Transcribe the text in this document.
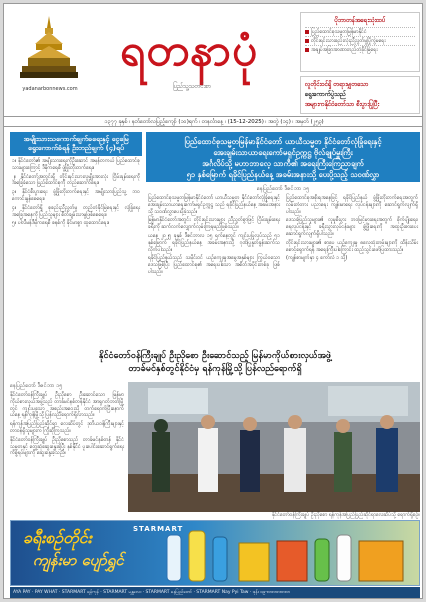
yadanarbonnews.com
ရတနာပုံ
ပြည်သူ့သတင်းစာ
ပိုဘာတန်အရေးသုံးထပ်
ပြည်ထောင်စုသမ္မတမြန်မာနိုင်ငံ
တိုင်းရင်းသားစည်းလုံးညီညွတ်မှုပြိုကွဲမရေး
အချုပ်အခြာအာဏာတည်တံ့ခိုင်မြဲရေး
လူတိုင်းဝင်ရှိ တရားမျှတသော
ရွေးကောက်ပွဲသည်
အများကနိုင်ငံတော်သာ စီးပွားပြုပြီး
၁၃၇၇ ခုနှစ် ၊ နတ်တော်လပြည့်ကျော် (၁၀)ရက် ၊ တနင်္လာနေ့ ၊ (15-12-2025) ၊ အတွဲ (၁၄) ၊ အမှတ် (၂၅၃)
အမျိုးသားသကောက်ချက်ခရေးနှင့် ငွေမြေရွေးကောက်ခံရန် ဦးတည်ချက် (၄)ရပ်

၁။ နိုင်ငံတော်၏ အမျိုးသားရေးကိုဦးဆောင် အမှန်တကယ် ပြည်ထောင်စုသားများကြောင့် ဒီမိုကရေစီ ဖွံ့ဖြိုးတိုးတက်ရေး။

၂။ နိုင်ငံတော်အတွင်းရှိ တိုင်းရင်းသားလူမျိုးအားလုံး ငြိမ်းချမ်းရေးကို အခြေခံသော ပြည်ထောင်စုကို တည်ဆောက်ရေး။

၃။ နိုင်ငံ့စီးပွားရေး ဖွံ့ဖြိုးတိုးတက်ရေးနှင့် အမျိုးသားပြည်သူ့ ဘဝ ကောင်းမွန်စေရေး။

၄။ နိုင်ငံတော်ရှိ စုစည်းညီညွတ်မှု တည်တံ့ခိုင်မြဲရေးနှင့် လုံခြုံရေး အခြေအနေကို ပြည်သူများ စိတ်ချမ်းသာမှုဖြစ်စေရေး။

၅။ ပါလီမန်ဒီမိုကရေစီ စနစ်ကို ခိုင်မာစွာ ထူထောင်ရေး။

ပြည်ထောင်စုသမ္မတမြန်မာနိုင်ငံတော် ယာယီသမ္မတ နိုင်ငံတော်လုံခြုံရေးနှင့်
အေးချမ်းသာယာရေးကော်မရှင်ဥက္ကဋ္ဌ ဗိုလ်ချုပ်မှူးကြီး
အင်္ဂလိပ်သို့ မဟာဘာလေ့ သာကီ၏ အရေးကြီးကြေညာချက်
၅၁ နှစ်မြောက် ရခိုင်ပြည်နယ်နေ့ အခမ်းအနားသို့ ပေးပို့သည့် သဝဏ်လွှာ
နေပြည်တော် ဒီဇင်ဘာ ၁၅

ပြည်ထောင်စုသမ္မတမြန်မာနိုင်ငံတော် ယာယီသမ္မတ နိုင်ငံတော်လုံခြုံရေးနှင့် အေးချမ်းသာယာရေးကော်မရှင်ဥက္ကဋ္ဌ သည် ရခိုင်ပြည်နယ်နေ့ အခမ်းအနားသို့ သဝဏ်လွှာပေးပို့ခဲ့သည်။

မြန်မာနိုင်ငံတော်အတွင်း တိုင်းရင်းသားများ ညီညွတ်စွာဖြင့် ငြိမ်းချမ်းရေးခရီးကို ဆက်လက်လျှောက်လှမ်းကြရမည်ဖြစ်သည်။

ယနေ့ ၂၀၂၅ ခုနှစ် ဒီဇင်ဘာလ ၁၅ ရက်နေ့တွင် ကျင်းပပြုလုပ်သည့် ၅၁ နှစ်မြောက် ရခိုင်ပြည်နယ်နေ့ အခမ်းအနားသို့ ဂုဏ်ပြုနှုတ်ခွန်းဆက်သလိုက်ပါသည်။

ရခိုင်ပြည်နယ်သည် သမိုင်းဝင် ယဉ်ကျေးမှုအမွေအနှစ်များ ကြွယ်ဝသော ဒေသဖြစ်ပြီး ပြည်ထောင်စု၏ အရေးပါသော အစိတ်အပိုင်းတစ်ခု ဖြစ်ပါသည်။

ပြည်ထောင်စုအစိုးရအနေဖြင့် ရခိုင်ပြည်နယ် ဖွံ့ဖြိုးတိုးတက်ရေးအတွက် လမ်းတံတား ပညာရေး ကျန်းမာရေး လုပ်ငန်းများကို ဆောင်ရွက်လျက်ရှိပါသည်။

ဒေသခံပြည်သူများ၏ လူမှုစီးပွား ဘဝမြင့်မားရေးအတွက် စိုက်ပျိုးရေး၊ ရေလုပ်ငန်းနှင့် ခရီးသွားလုပ်ငန်းများ ဖွံ့ဖြိုးရေးကို အထူးဦးစားပေးဆောင်ရွက်လျက်ရှိပါသည်။

တိုင်းရင်းသားများ၏ စာပေ ယဉ်ကျေးမှု ဓလေ့ထုံးတမ်းများကို ထိန်းသိမ်းစောင့်ရှောက်ရန် အရေးကြီးပါကြောင်း ထည့်သွင်းဖော်ပြထားသည်။

(ကျန်စာမျက်နှာ ၄ ကော်လံ ၁ သို့)

နိုင်ငံတော်ဝန်ကြီးချုပ် ဦးညိုစော ဦးဆောင်သည့် မြန်မာကိုယ်စားလှယ်အဖွဲ့
တာခ်မင်နှစ်တွင်နိုင်ငံမှ ရန်ကုန်မြို့သို့ ပြန်လည်ရောက်ရှိ
နေပြည်တော် ဒီဇင်ဘာ ၁၅

နိုင်ငံတော်ဝန်ကြီးချုပ် ဦးညိုစော ဦးဆောင်သော မြန်မာကိုယ်စားလှယ်အဖွဲ့သည် တာခ်မင်နစ်တန်နိုင်ငံ အာရှဂတ်ဘတ်မြို့တွင် ကျင်းပသော အစည်းအဝေးသို့ တက်ရောက်ပြီးနောက် ယနေ့ ရန်ကုန်မြို့သို့ ပြန်လည်ရောက်ရှိလာသည်။

ရန်ကုန်အပြည်ပြည်ဆိုင်ရာ လေဆိပ်တွင် ဒုတိယဝန်ကြီးများနှင့် တာဝန်ရှိသူများက ကြိုဆိုကြသည်။

နိုင်ငံတော်ဝန်ကြီးချုပ် ဦးညိုစောသည် တာခ်မင်နစ်တန် နိုင်ငံ သမ္မတနှင့် တွေ့ဆုံဆွေးနွေးခဲ့ပြီး နှစ်နိုင်ငံ ပူးပေါင်းဆောင်ရွက်ရေးကိစ္စရပ်များကို ဆွေးနွေးခဲ့သည်။

နိုင်ငံတော်ဝန်ကြီးချုပ် ဦးညိုစော ရန်ကုန်အပြည်ပြည်ဆိုင်ရာလေဆိပ်သို့ ရောက်ရှိစဉ်။
ခရီးစဉ်တိုင်း
ကျန်းမာ ပျော်ရွှင်
STARMART
AYA PAY · PAY WHAT · STARMART ရန်ကုန် · STARMART မန္တလေး · STARMART နေပြည်တော် · STARMART Nay Pyi Taw · ဖုန်း ၀၉-၈၈၈၈၈၈၈၈၈
